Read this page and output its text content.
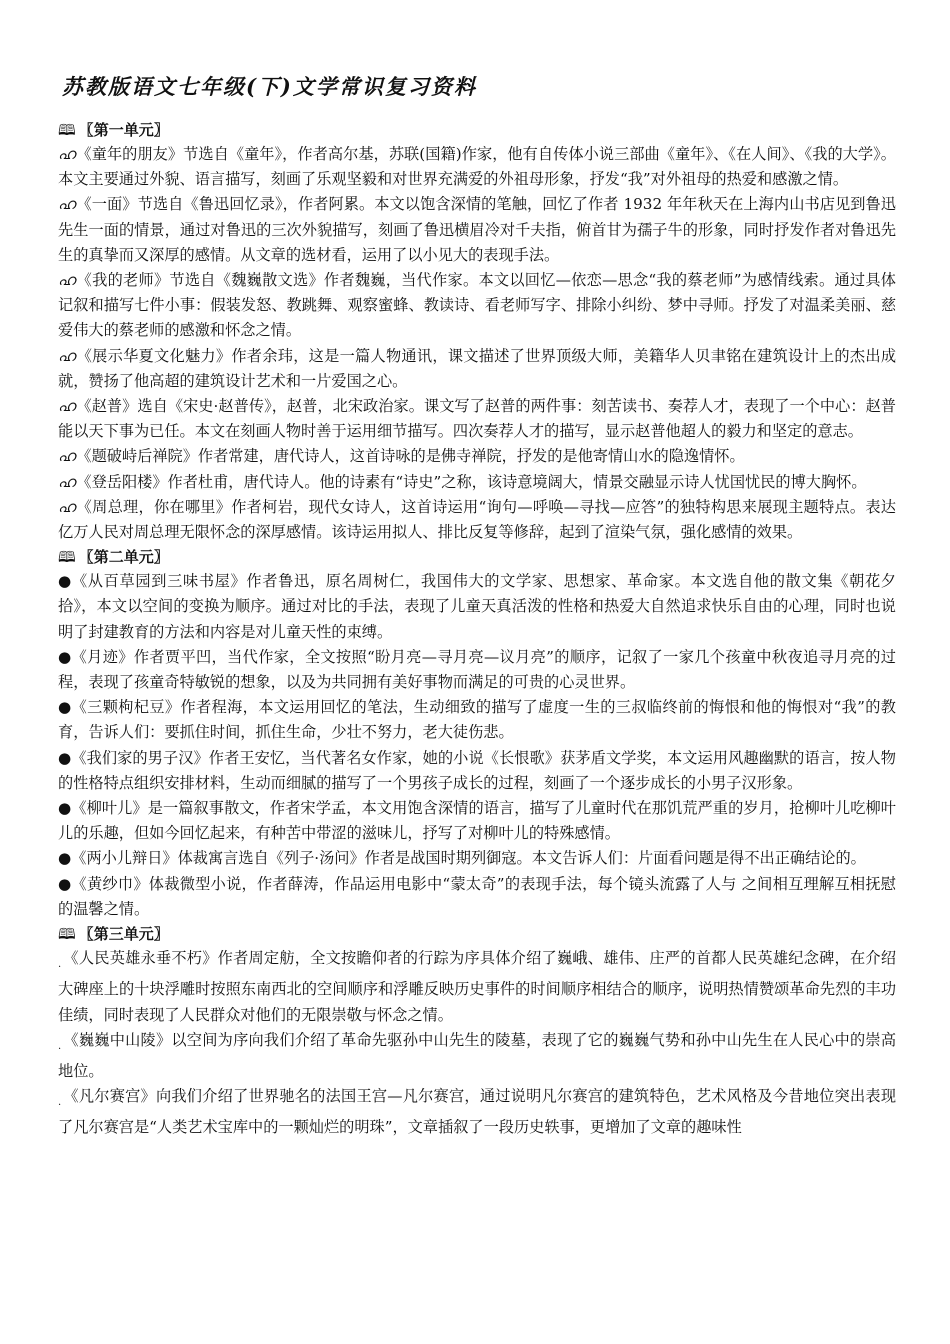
苏教版语文七年级(下)文学常识复习资料
🕮 〖第一单元〗
ഹ《童年的朋友》节选自《童年》，作者高尔基，苏联(国籍)作家，他有自传体小说三部曲《童年》、《在人间》、《我的大学》。本文主要通过外貌、语言描写，刻画了乐观坚毅和对世界充满爱的外祖母形象，抒发“我”对外祖母的热爱和感激之情。
ഹ《一面》节选自《鲁迅回忆录》，作者阿累。本文以饱含深情的笔触，回忆了作者 1932 年年秋天在上海内山书店见到鲁迅先生一面的情景，通过对鲁迅的三次外貌描写，刻画了鲁迅横眉冷对千夫指，俯首甘为孺子牛的形象，同时抒发作者对鲁迅先生的真挚而又深厚的感情。从文章的选材看，运用了以小见大的表现手法。
ഹ《我的老师》节选自《魏巍散文选》作者魏巍，当代作家。本文以回忆—依恋—思念“我的蔡老师”为感情线索。通过具体记叙和描写七件小事：假装发怒、教跳舞、观察蜜蜂、教读诗、看老师写字、排除小纠纷、梦中寻师。抒发了对温柔美丽、慈爱伟大的蔡老师的感激和怀念之情。
ഹ《展示华夏文化魅力》作者余玮，这是一篇人物通讯，课文描述了世界顶级大师，美籍华人贝聿铭在建筑设计上的杰出成就，赞扬了他高超的建筑设计艺术和一片爱国之心。
ഹ《赵普》选自《宋史·赵普传》，赵普，北宋政治家。课文写了赵普的两件事：刻苦读书、奏荐人才，表现了一个中心：赵普能以天下事为已任。本文在刻画人物时善于运用细节描写。四次奏荐人才的描写，显示赵普他超人的毅力和坚定的意志。
ഹ《题破峙后禅院》作者常建，唐代诗人，这首诗咏的是佛寺禅院，抒发的是他寄情山水的隐逸情怀。
ഹ《登岳阳楼》作者杜甫，唐代诗人。他的诗素有“诗史”之称，该诗意境阔大，情景交融显示诗人忧国忧民的博大胸怀。
ഹ《周总理，你在哪里》作者柯岩，现代女诗人，这首诗运用“询句—呼唤—寻找—应答”的独特构思来展现主题特点。表达亿万人民对周总理无限怀念的深厚感情。该诗运用拟人、排比反复等修辞，起到了渲染气氛，强化感情的效果。
🕮 〖第二单元〗
●《从百草园到三味书屋》作者鲁迅，原名周树仁，我国伟大的文学家、思想家、革命家。本文选自他的散文集《朝花夕拾》，本文以空间的变换为顺序。通过对比的手法，表现了儿童天真活泼的性格和热爱大自然追求快乐自由的心理，同时也说明了封建教育的方法和内容是对儿童天性的束缚。
●《月迹》作者贾平凹，当代作家，全文按照“盼月亮—寻月亮—议月亮”的顺序，记叙了一家几个孩童中秋夜追寻月亮的过程，表现了孩童奇特敏锐的想象，以及为共同拥有美好事物而满足的可贵的心灵世界。
●《三颗枸杞豆》作者程海，本文运用回忆的笔法，生动细致的描写了虚度一生的三叔临终前的悔恨和他的悔恨对“我”的教育，告诉人们：要抓住时间，抓住生命，少壮不努力，老大徒伤悲。
●《我们家的男子汉》作者王安忆，当代著名女作家，她的小说《长恨歌》获茅盾文学奖，本文运用风趣幽默的语言，按人物的性格特点组织安排材料，生动而细腻的描写了一个男孩子成长的过程，刻画了一个逐步成长的小男子汉形象。
●《柳叶儿》是一篇叙事散文，作者宋学孟，本文用饱含深情的语言，描写了儿童时代在那饥荒严重的岁月，抢柳叶儿吃柳叶儿的乐趣，但如今回忆起来，有种苦中带涩的滋味儿，抒写了对柳叶儿的特殊感情。
●《两小儿辩日》体裁寓言选自《列子·汤问》作者是战国时期列御寇。本文告诉人们：片面看问题是得不出正确结论的。
●《黄纱巾》体裁微型小说，作者薛涛，作品运用电影中“蒙太奇”的表现手法，每个镜头流露了人与 之间相互理解互相抚慰的温馨之情。
🕮 〖第三单元〗
$_.$ 《人民英雄永垂不朽》作者周定舫，全文按瞻仰者的行踪为序具体介绍了巍峨、雄伟、庄严的首都人民英雄纪念碑，在介绍大碑座上的十块浮雕时按照东南西北的空间顺序和浮雕反映历史事件的时间顺序相结合的顺序，说明热情赞颂革命先烈的丰功佳绩，同时表现了人民群众对他们的无限崇敬与怀念之情。
$_.$ 《巍巍中山陵》以空间为序向我们介绍了革命先驱孙中山先生的陵墓，表现了它的巍巍气势和孙中山先生在人民心中的崇高地位。
$_.$ 《凡尔赛宫》向我们介绍了世界驰名的法国王宫—凡尔赛宫，通过说明凡尔赛宫的建筑特色，艺术风格及今昔地位突出表现了凡尔赛宫是“人类艺术宝库中的一颗灿烂的明珠”，文章插叙了一段历史轶事，更增加了文章的趣味性
